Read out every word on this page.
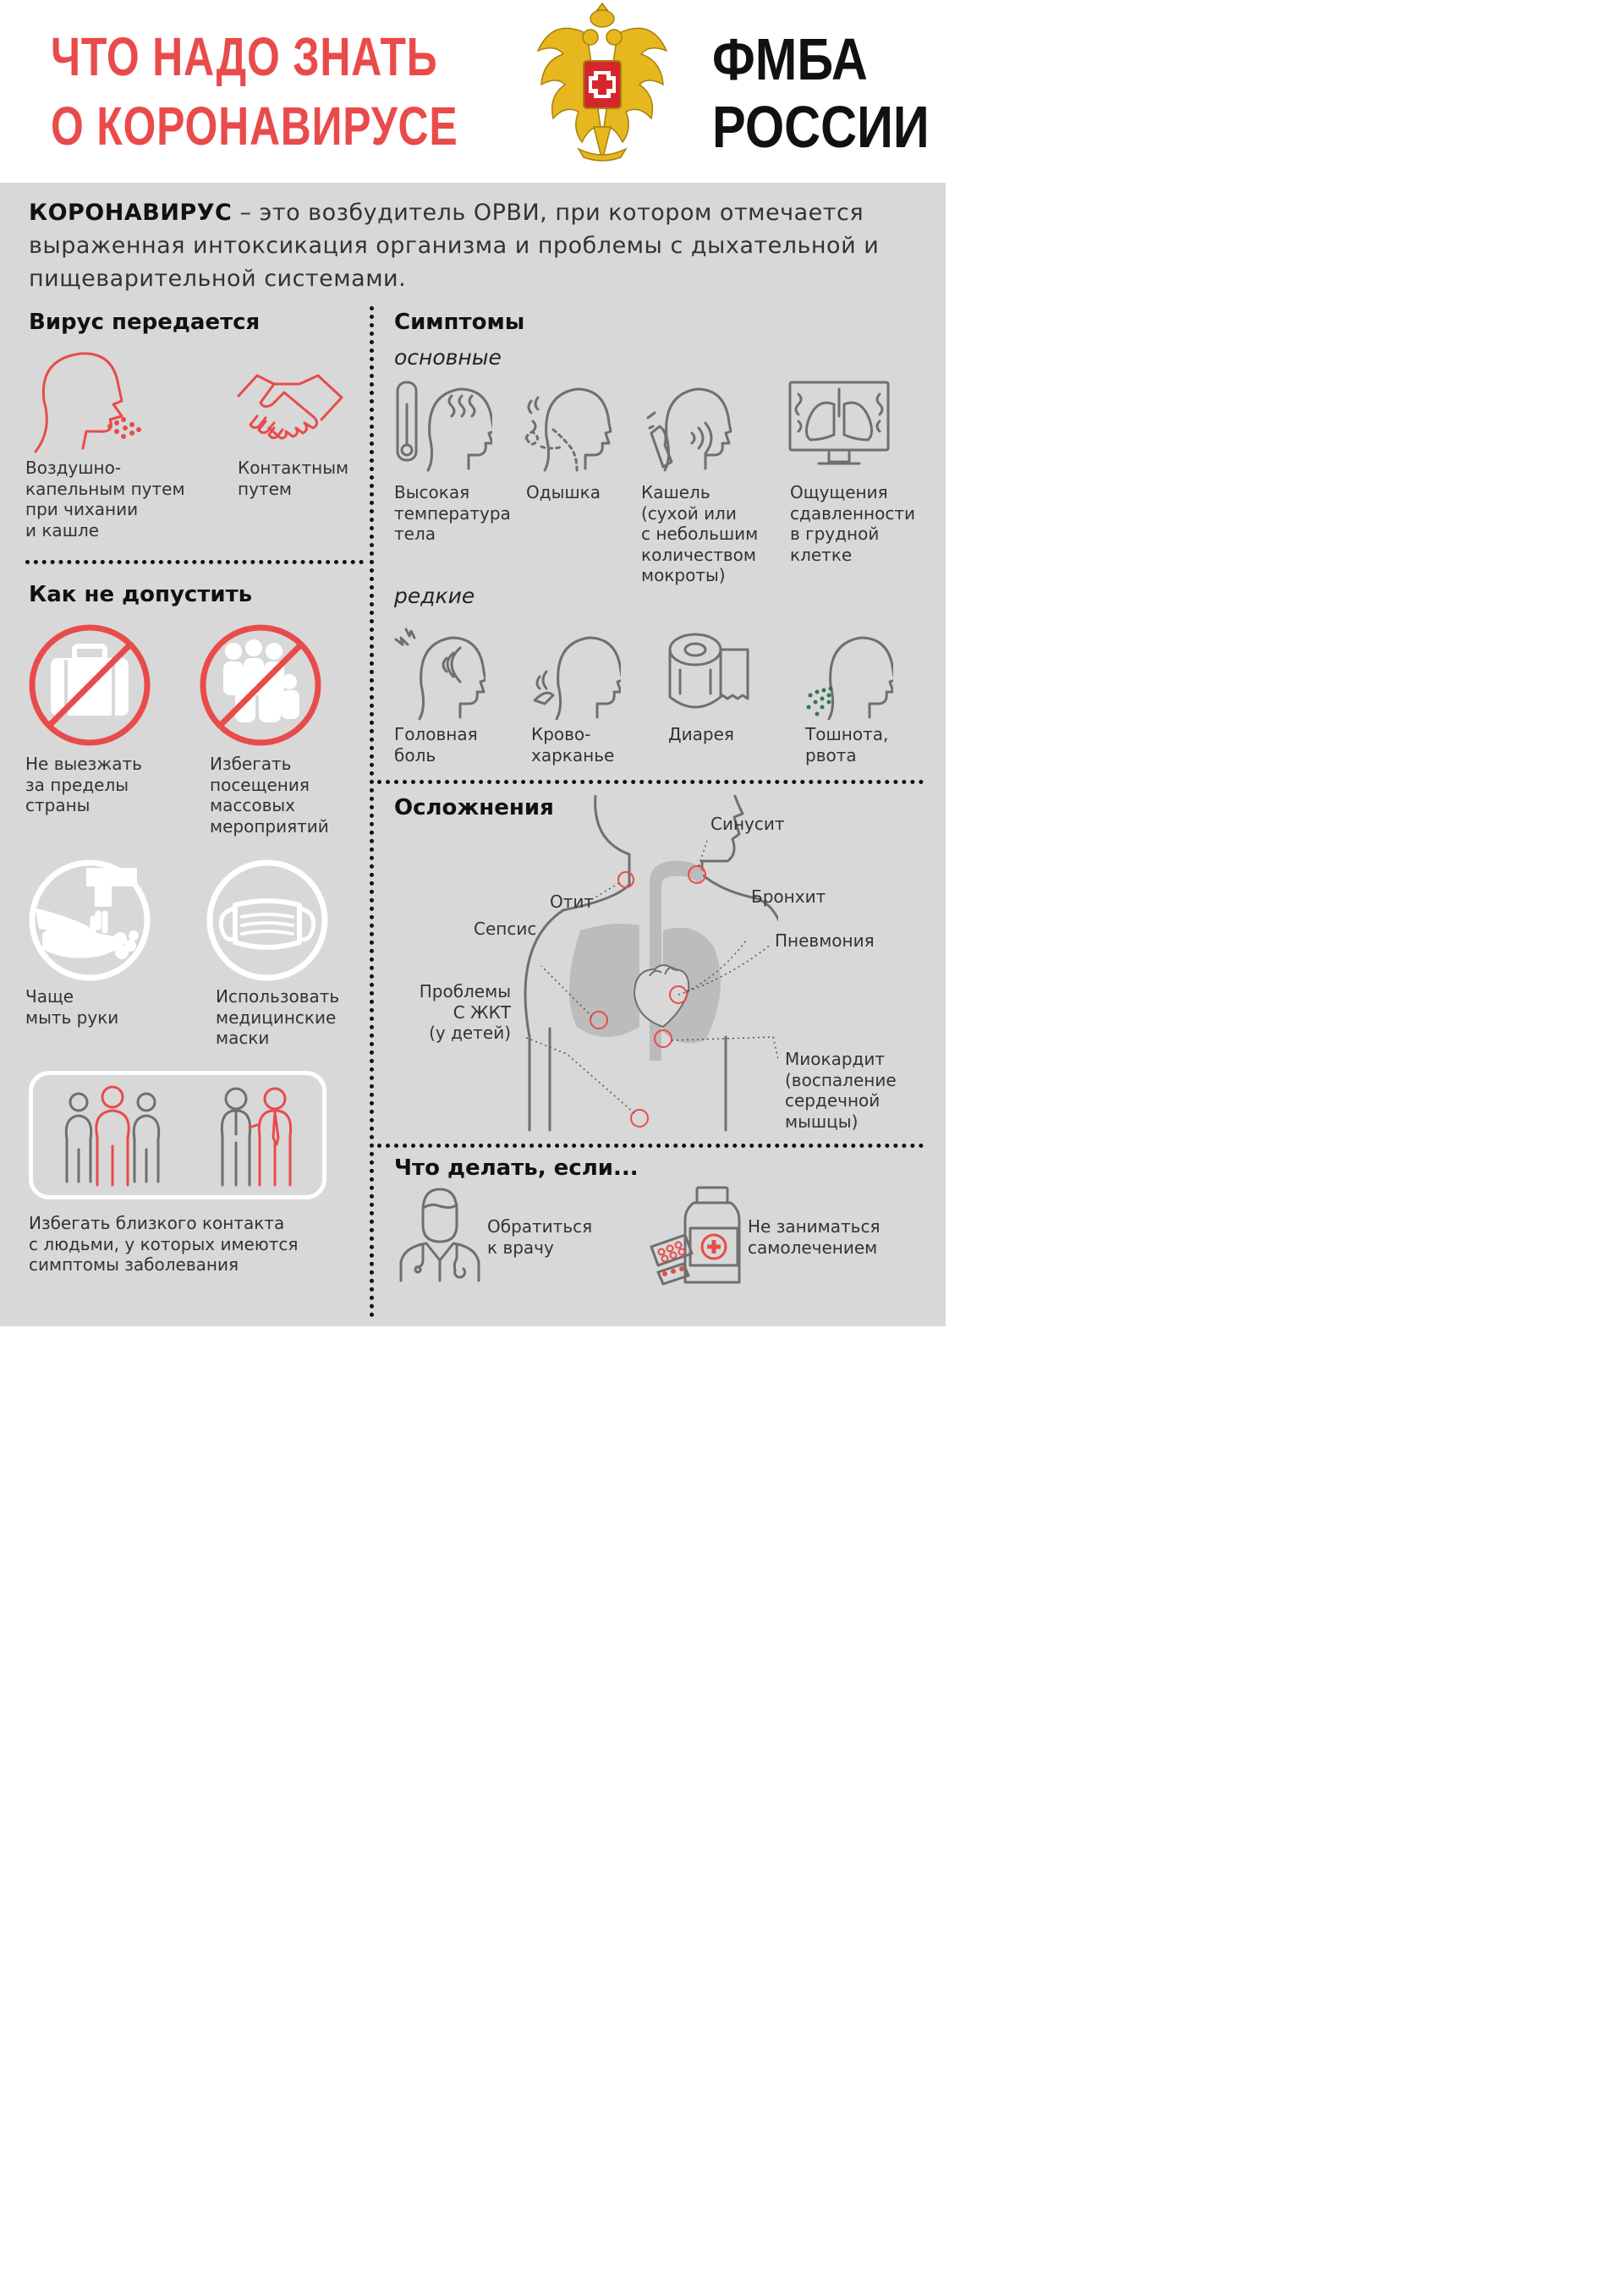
ЧТО НАДО ЗНАТЬ
О КОРОНАВИРУСЕ
ФМБА
РОССИИ
КОРОНАВИРУС – это возбудитель ОРВИ, при котором отмечается выраженная интоксикация организма и проблемы с дыхательной и пищеварительной системами.
Вирус передается
Воздушно-
капельным путем
при чихании
и кашле
Контактным
путем
Как не допустить
Не выезжать
за пределы
страны
Избегать
посещения
массовых
мероприятий
Чаще
мыть руки
Использовать
медицинские
маски
Избегать близкого контакта
с людьми, у которых имеются
симптомы заболевания
Симптомы
основные
Высокая
температура
тела
Одышка Кашель
(сухой или
с небольшим
количеством
мокроты)
Ощущения
сдавленности
в грудной
клетке
редкие
Головная
боль
Крово-
харканье
Диарея	Тошнота,
рвота
Осложнения
Синусит
Отит	Бронхит
Сепсис
Пневмония
Проблемы
С ЖКТ
(у детей)
Миокардит
(воспаление
сердечной
мышцы)
Что делать, если...
Обратиться
к врачу
Не заниматься
самолечением
